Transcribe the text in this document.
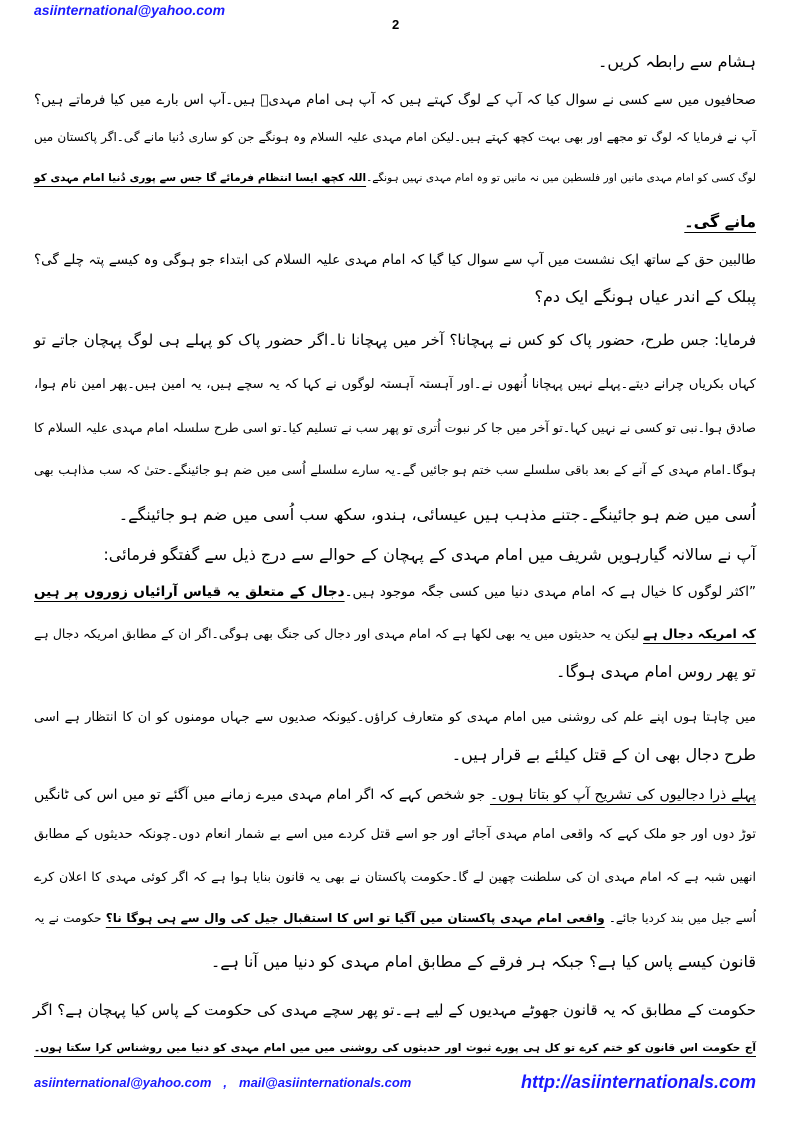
asiinternational@yahoo.com
2
ہشام سے رابطہ کریں۔
صحافیوں میں سے کسی نے سوال کیا کہ آپ کے لوگ کہتے ہیں کہ آپ ہی امام مہدیؑ ہیں۔آپ اس بارے میں کیا فرماتے ہیں؟
آپ نے فرمایا کہ لوگ تو مجھے اور بھی بہت کچھ کہتے ہیں۔لیکن امام مہدی علیہ السلام وہ ہونگے جن کو ساری دُنیا مانے گی۔اگر پاکستان میں
لوگ کسی کو امام مہدی مانیں اور فلسطین میں نہ مانیں تو وہ امام مہدی نہیں ہونگے۔اللہ کچھ ایسا انتظام فرمائے گا جس سے پوری دُنیا امام مہدی کو
مانے گی۔
طالبین حق کے ساتھ ایک نشست میں آپ سے سوال کیا گیا کہ امام مہدی علیہ السلام کی ابتداء جو ہوگی وہ کیسے پتہ چلے گی؟
پبلک کے اندر عیاں ہونگے ایک دم؟
فرمایا: جس طرح، حضور پاک کو کس نے پہچانا؟ آخر میں پہچانا نا۔اگر حضور پاک کو پہلے ہی لوگ پہچان جاتے تو
کہاں بکریاں چرانے دیتے۔پہلے نہیں پہچانا اُنھوں نے۔اور آہستہ آہستہ لوگوں نے کہا کہ یہ سچے ہیں، یہ امین ہیں۔پھر امین نام ہوا،
صادق ہوا۔نبی تو کسی نے نہیں کہا۔تو آخر میں جا کر نبوت اُتری تو پھر سب نے تسلیم کیا۔تو اسی طرح سلسلہ امام مہدی علیہ السلام کا
ہوگا۔امام مہدی کے آنے کے بعد باقی سلسلے سب ختم ہو جائیں گے۔یہ سارے سلسلے اُسی میں ضم ہو جائینگے۔حتیٰ کہ سب مذاہب بھی
اُسی میں ضم ہو جائینگے۔جتنے مذہب ہیں عیسائی، ہندو، سکھ سب اُسی میں ضم ہو جائینگے۔
آپ نے سالانہ گیارہویں شریف میں امام مہدی کے پہچان کے حوالے سے درج ذیل سے گفتگو فرمائی:
”اکثر لوگوں کا خیال ہے کہ امام مہدی دنیا میں کسی جگہ موجود ہیں۔دجال کے متعلق یہ قیاس آرائیاں زوروں پر ہیں
کہ امریکہ دجال ہے لیکن یہ حدیثوں میں یہ بھی لکھا ہے کہ امام مہدی اور دجال کی جنگ بھی ہوگی۔اگر ان کے مطابق امریکہ دجال ہے
تو پھر روس امام مہدی ہوگا۔
میں چاہتا ہوں اپنے علم کی روشنی میں امام مہدی کو متعارف کراؤں۔کیونکہ صدیوں سے جہاں مومنوں کو ان کا انتظار ہے اسی
طرح دجال بھی ان کے قتل کیلئے بے قرار ہیں۔
پہلے ذرا دجالیوں کی تشریح آپ کو بتاتا ہوں۔ جو شخص کہے کہ اگر امام مہدی میرے زمانے میں آگئے تو میں اس کی ٹانگیں
توڑ دوں اور جو ملک کہے کہ واقعی امام مہدی آجائے اور جو اسے قتل کردے میں اسے بے شمار انعام دوں۔چونکہ حدیثوں کے مطابق
انھیں شبہ ہے کہ امام مہدی ان کی سلطنت چھین لے گا۔حکومت پاکستان نے بھی یہ قانون بنایا ہوا ہے کہ اگر کوئی مہدی کا اعلان کرے
اُسے جیل میں بند کردیا جائے۔ واقعی امام مہدی پاکستان میں آگیا تو اس کا استقبال جیل کی وال سے ہی ہوگا نا؟ حکومت نے یہ
قانون کیسے پاس کیا ہے؟ جبکہ ہر فرقے کے مطابق امام مہدی کو دنیا میں آنا ہے۔
حکومت کے مطابق کہ یہ قانون جھوٹے مہدیوں کے لیے ہے۔تو پھر سچے مہدی کی حکومت کے پاس کیا پہچان ہے؟ اگر
آج حکومت اس قانون کو ختم کرے تو کل ہی پورے ثبوت اور حدیثوں کی روشنی میں میں امام مہدی کو دنیا میں روشناس کرا سکتا ہوں۔
asiinternational@yahoo.com , mail@asiinternationals.com	http://asiinternationals.com
